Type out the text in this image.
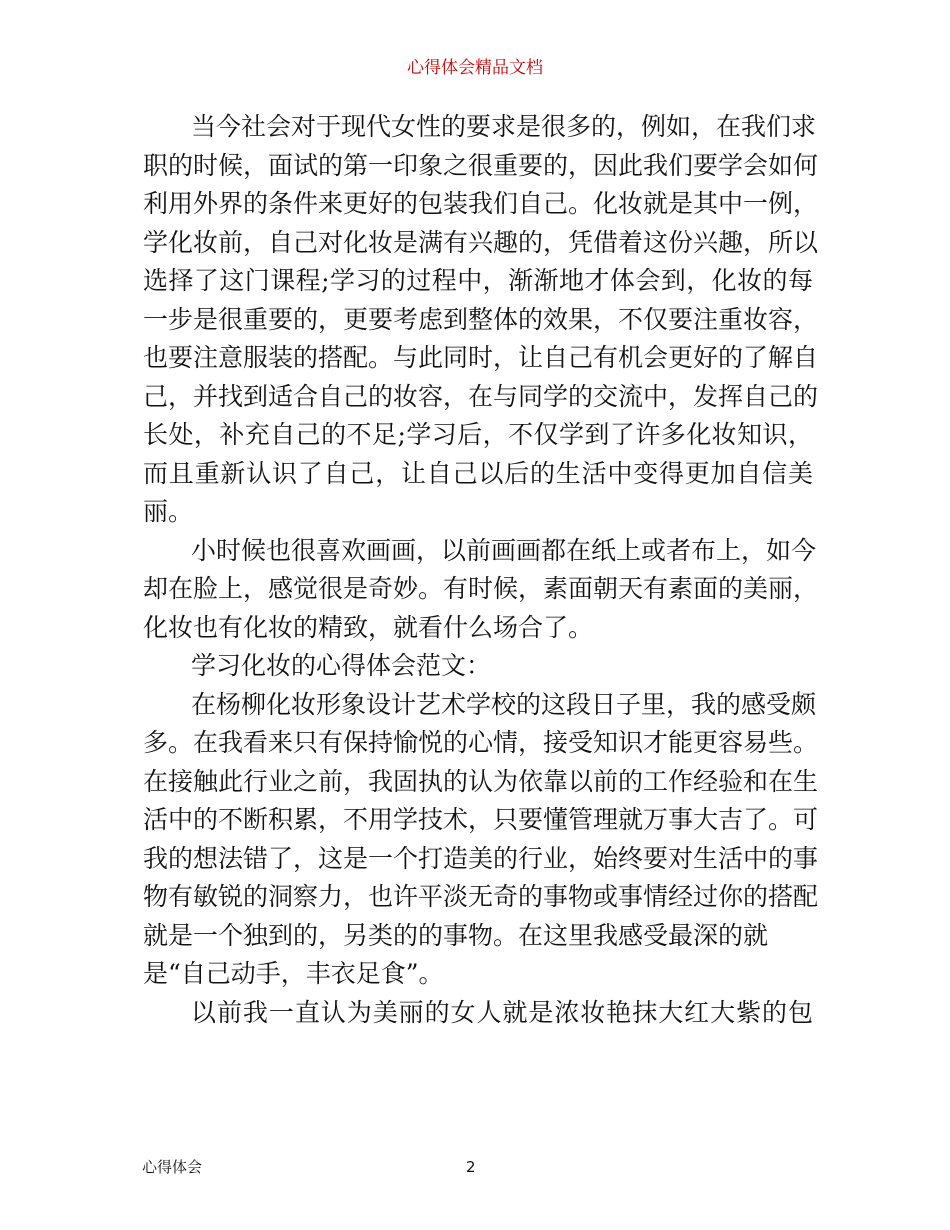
心得体会精品文档
当今社会对于现代女性的要求是很多的，例如，在我们求
职的时候，面试的第一印象之很重要的，因此我们要学会如何
利用外界的条件来更好的包装我们自己。化妆就是其中一例，
学化妆前，自己对化妆是满有兴趣的，凭借着这份兴趣，所以
选择了这门课程;学习的过程中，渐渐地才体会到，化妆的每
一步是很重要的，更要考虑到整体的效果，不仅要注重妆容，
也要注意服装的搭配。与此同时，让自己有机会更好的了解自
己，并找到适合自己的妆容，在与同学的交流中，发挥自己的
长处，补充自己的不足;学习后，不仅学到了许多化妆知识，
而且重新认识了自己，让自己以后的生活中变得更加自信美
丽。
小时候也很喜欢画画，以前画画都在纸上或者布上，如今
却在脸上，感觉很是奇妙。有时候，素面朝天有素面的美丽，
化妆也有化妆的精致，就看什么场合了。
学习化妆的心得体会范文：
在杨柳化妆形象设计艺术学校的这段日子里，我的感受颇
多。在我看来只有保持愉悦的心情，接受知识才能更容易些。
在接触此行业之前，我固执的认为依靠以前的工作经验和在生
活中的不断积累，不用学技术，只要懂管理就万事大吉了。可
我的想法错了，这是一个打造美的行业，始终要对生活中的事
物有敏锐的洞察力，也许平淡无奇的事物或事情经过你的搭配
就是一个独到的，另类的的事物。在这里我感受最深的就
是“自己动手，丰衣足食”。
以前我一直认为美丽的女人就是浓妆艳抹大红大紫的包
心得体会	2
